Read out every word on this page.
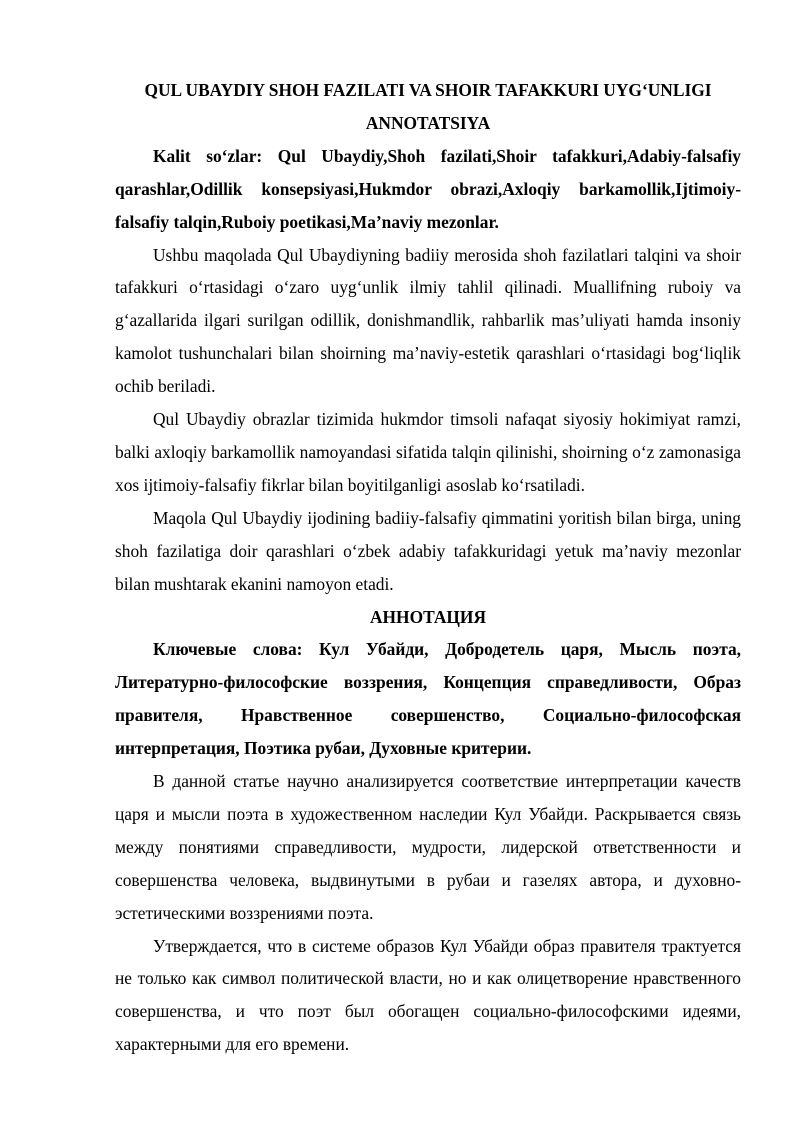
QUL UBAYDIY SHOH FAZILATI VA SHOIR TAFAKKURI UYG‘UNLIGI

ANNOTATSIYA

Kalit so‘zlar: Qul Ubaydiy,Shoh fazilati,Shoir tafakkuri,Adabiy-falsafiy qarashlar,Odillik konsepsiyasi,Hukmdor obrazi,Axloqiy barkamollik,Ijtimoiy-falsafiy talqin,Ruboiy poetikasi,Ma’naviy mezonlar.

Ushbu maqolada Qul Ubaydiyning badiiy merosida shoh fazilatlari talqini va shoir tafakkuri o‘rtasidagi o‘zaro uyg‘unlik ilmiy tahlil qilinadi. Muallifning ruboiy va g‘azallarida ilgari surilgan odillik, donishmandlik, rahbarlik mas’uliyati hamda insoniy kamolot tushunchalari bilan shoirning ma’naviy-estetik qarashlari o‘rtasidagi bog‘liqlik ochib beriladi.

Qul Ubaydiy obrazlar tizimida hukmdor timsoli nafaqat siyosiy hokimiyat ramzi, balki axloqiy barkamollik namoyandasi sifatida talqin qilinishi, shoirning o‘z zamonasiga xos ijtimoiy-falsafiy fikrlar bilan boyitilganligi asoslab ko‘rsatiladi.

Maqola Qul Ubaydiy ijodining badiiy-falsafiy qimmatini yoritish bilan birga, uning shoh fazilatiga doir qarashlari o‘zbek adabiy tafakkuridagi yetuk ma’naviy mezonlar bilan mushtarak ekanini namoyon etadi.

АННОТАЦИЯ

Ключевые слова: Кул Убайди, Добродетель царя, Мысль поэта, Литературно-философские воззрения, Концепция справедливости, Образ правителя, Нравственное совершенство, Социально-философская интерпретация, Поэтика рубаи, Духовные критерии.

В данной статье научно анализируется соответствие интерпретации качеств царя и мысли поэта в художественном наследии Кул Убайди. Раскрывается связь между понятиями справедливости, мудрости, лидерской ответственности и совершенства человека, выдвинутыми в рубаи и газелях автора, и духовно-эстетическими воззрениями поэта.

Утверждается, что в системе образов Кул Убайди образ правителя трактуется не только как символ политической власти, но и как олицетворение нравственного совершенства, и что поэт был обогащен социально-философскими идеями, характерными для его времени.
